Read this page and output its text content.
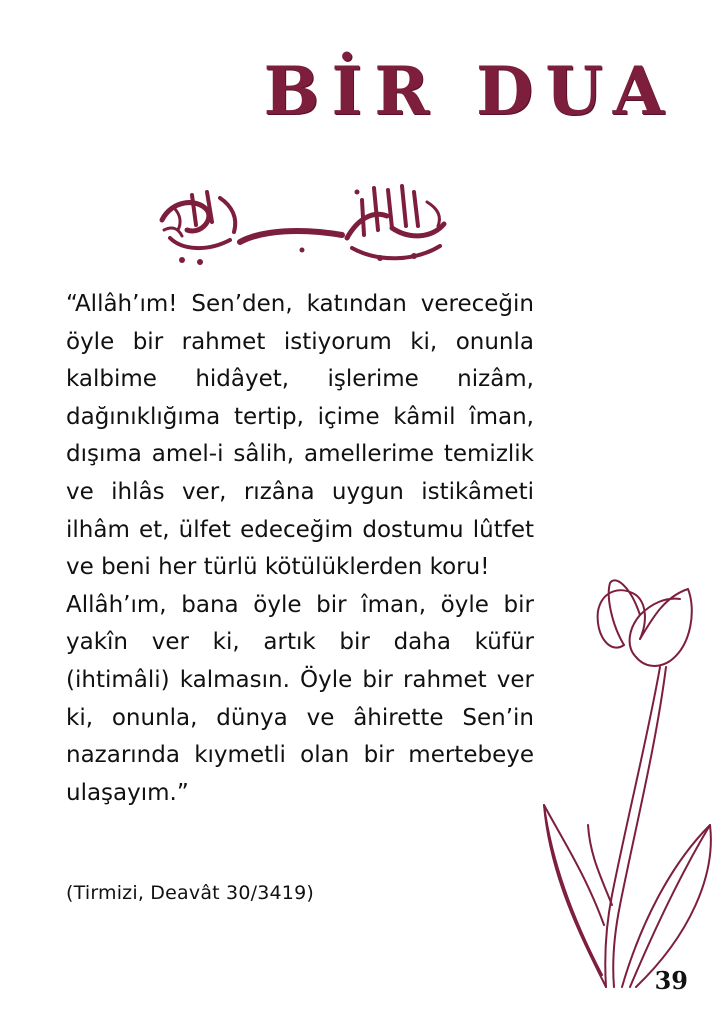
BİR DUA

“Allâh’ım! Sen’den, katından vereceğin öyle bir rahmet istiyorum ki, onunla kalbime hidâyet, işlerime nizâm, dağınıklığıma tertip, içime kâmil îman, dışıma amel-i sâlih, amellerime temizlik ve ihlâs ver, rızâna uygun istikâmeti ilhâm et, ülfet edeceğim dostumu lûtfet ve beni her türlü kötülüklerden koru!

Allâh’ım, bana öyle bir îman, öyle bir yakîn ver ki, artık bir daha küfür (ihtimâli) kalmasın. Öyle bir rahmet ver ki, onunla, dünya ve âhirette Sen’in nazarında kıymetli olan bir mertebeye ulaşayım.”

(Tirmizi, Deavât 30/3419)
39
